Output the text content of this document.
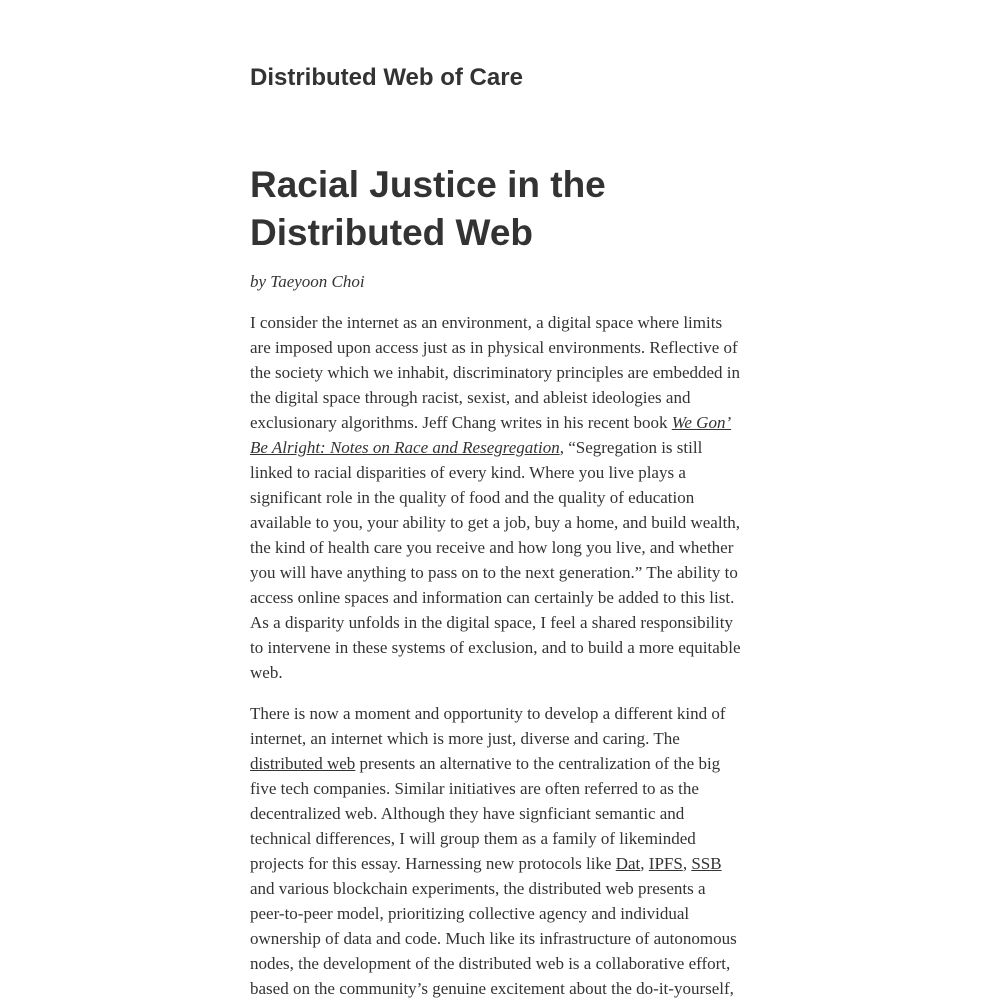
Distributed Web of Care
Racial Justice in the Distributed Web

by Taeyoon Choi

I consider the internet as an environment, a digital space where limits
are imposed upon access just as in physical environments. Reflective of
the society which we inhabit, discriminatory principles are embedded in
the digital space through racist, sexist, and ableist ideologies and
exclusionary algorithms. Jeff Chang writes in his recent book We Gon’
Be Alright: Notes on Race and Resegregation, “Segregation is still
linked to racial disparities of every kind. Where you live plays a
significant role in the quality of food and the quality of education
available to you, your ability to get a job, buy a home, and build wealth,
the kind of health care you receive and how long you live, and whether
you will have anything to pass on to the next generation.” The ability to
access online spaces and information can certainly be added to this list.
As a disparity unfolds in the digital space, I feel a shared responsibility
to intervene in these systems of exclusion, and to build a more equitable
web.

There is now a moment and opportunity to develop a different kind of
internet, an internet which is more just, diverse and caring. The
distributed web presents an alternative to the centralization of the big
five tech companies. Similar initiatives are often referred to as the
decentralized web. Although they have signficiant semantic and
technical differences, I will group them as a family of likeminded
projects for this essay. Harnessing new protocols like Dat, IPFS, SSB
and various blockchain experiments, the distributed web presents a
peer-to-peer model, prioritizing collective agency and individual
ownership of data and code. Much like its infrastructure of autonomous
nodes, the development of the distributed web is a collaborative effort,
based on the community’s genuine excitement about the do-it-yourself,
